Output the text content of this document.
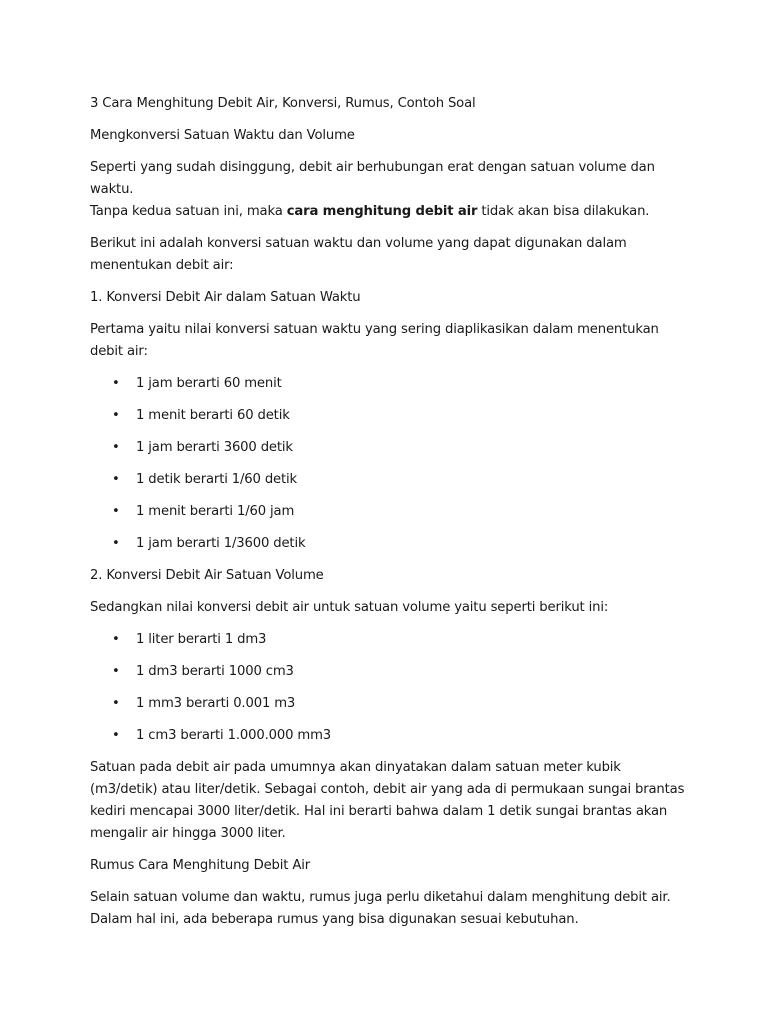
3 Cara Menghitung Debit Air, Konversi, Rumus, Contoh Soal

Mengkonversi Satuan Waktu dan Volume

Seperti yang sudah disinggung, debit air berhubungan erat dengan satuan volume dan waktu.
Tanpa kedua satuan ini, maka cara menghitung debit air tidak akan bisa dilakukan.

Berikut ini adalah konversi satuan waktu dan volume yang dapat digunakan dalam menentukan debit air:

1. Konversi Debit Air dalam Satuan Waktu

Pertama yaitu nilai konversi satuan waktu yang sering diaplikasikan dalam menentukan debit air:

• 1 jam berarti 60 menit
• 1 menit berarti 60 detik
• 1 jam berarti 3600 detik
• 1 detik berarti 1/60 detik
• 1 menit berarti 1/60 jam
• 1 jam berarti 1/3600 detik

2. Konversi Debit Air Satuan Volume

Sedangkan nilai konversi debit air untuk satuan volume yaitu seperti berikut ini:

• 1 liter berarti 1 dm3
• 1 dm3 berarti 1000 cm3
• 1 mm3 berarti 0.001 m3
• 1 cm3 berarti 1.000.000 mm3

Satuan pada debit air pada umumnya akan dinyatakan dalam satuan meter kubik (m3/detik) atau liter/detik. Sebagai contoh, debit air yang ada di permukaan sungai brantas kediri mencapai 3000 liter/detik. Hal ini berarti bahwa dalam 1 detik sungai brantas akan mengalir air hingga 3000 liter.

Rumus Cara Menghitung Debit Air

Selain satuan volume dan waktu, rumus juga perlu diketahui dalam menghitung debit air. Dalam hal ini, ada beberapa rumus yang bisa digunakan sesuai kebutuhan.
